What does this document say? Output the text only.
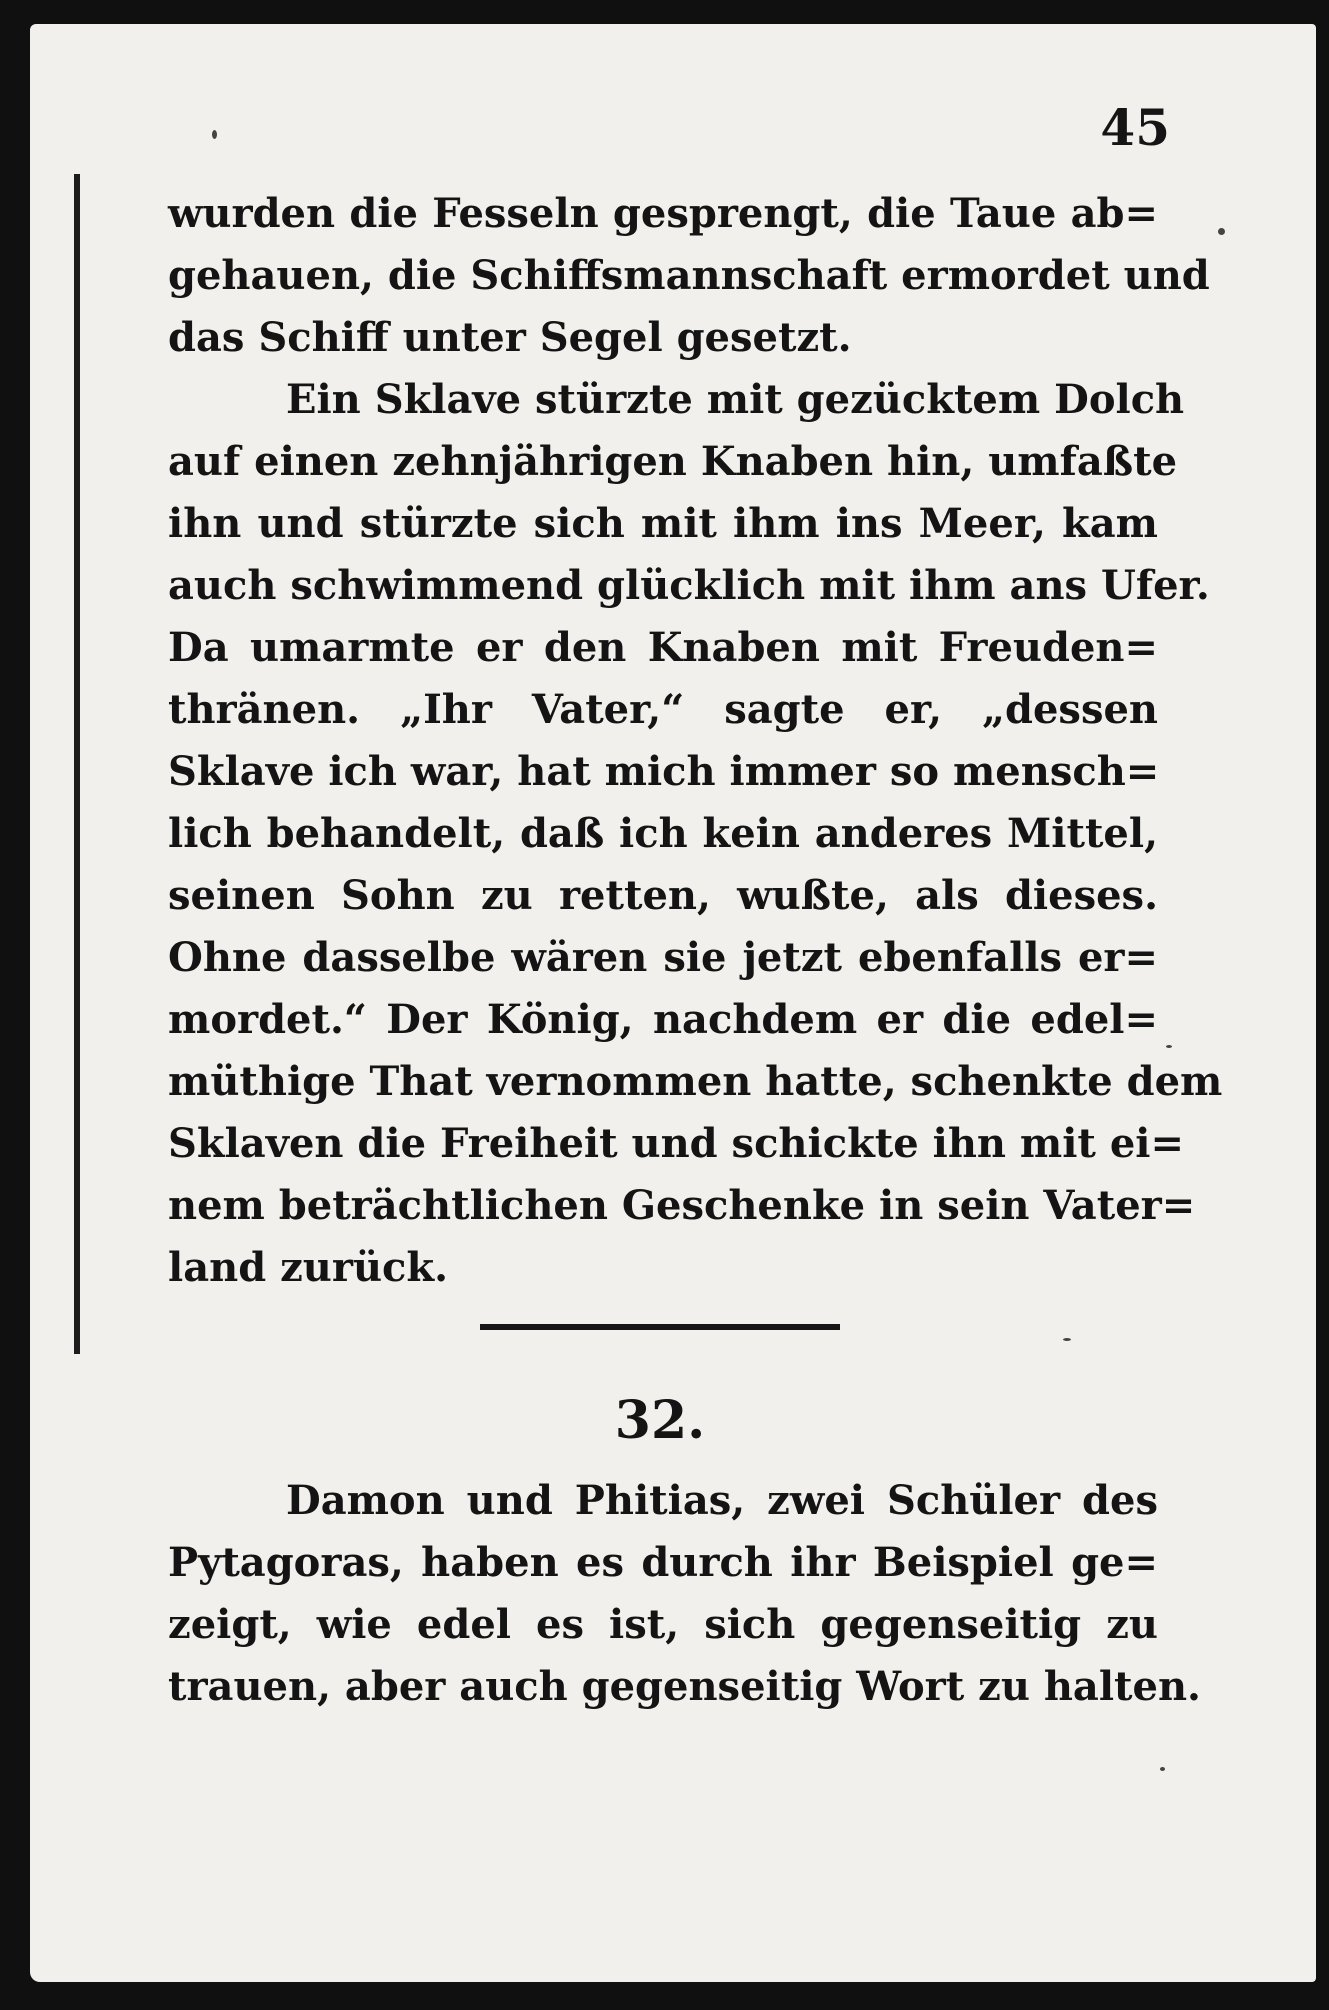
45
wurden die Fesseln gesprengt, die Taue ab=
gehauen, die Schiffsmannschaft ermordet und
das Schiff unter Segel gesetzt.
Ein Sklave stürzte mit gezücktem Dolch
auf einen zehnjährigen Knaben hin, umfaßte
ihn und stürzte sich mit ihm ins Meer, kam
auch schwimmend glücklich mit ihm ans Ufer.
Da umarmte er den Knaben mit Freuden=
thränen. „Ihr Vater,“ sagte er, „dessen
Sklave ich war, hat mich immer so mensch=
lich behandelt, daß ich kein anderes Mittel,
seinen Sohn zu retten, wußte, als dieses.
Ohne dasselbe wären sie jetzt ebenfalls er=
mordet.“ Der König, nachdem er die edel=
müthige That vernommen hatte, schenkte dem
Sklaven die Freiheit und schickte ihn mit ei=
nem beträchtlichen Geschenke in sein Vater=
land zurück.
32.
Damon und Phitias, zwei Schüler des
Pytagoras, haben es durch ihr Beispiel ge=
zeigt, wie edel es ist, sich gegenseitig zu
trauen, aber auch gegenseitig Wort zu halten.
